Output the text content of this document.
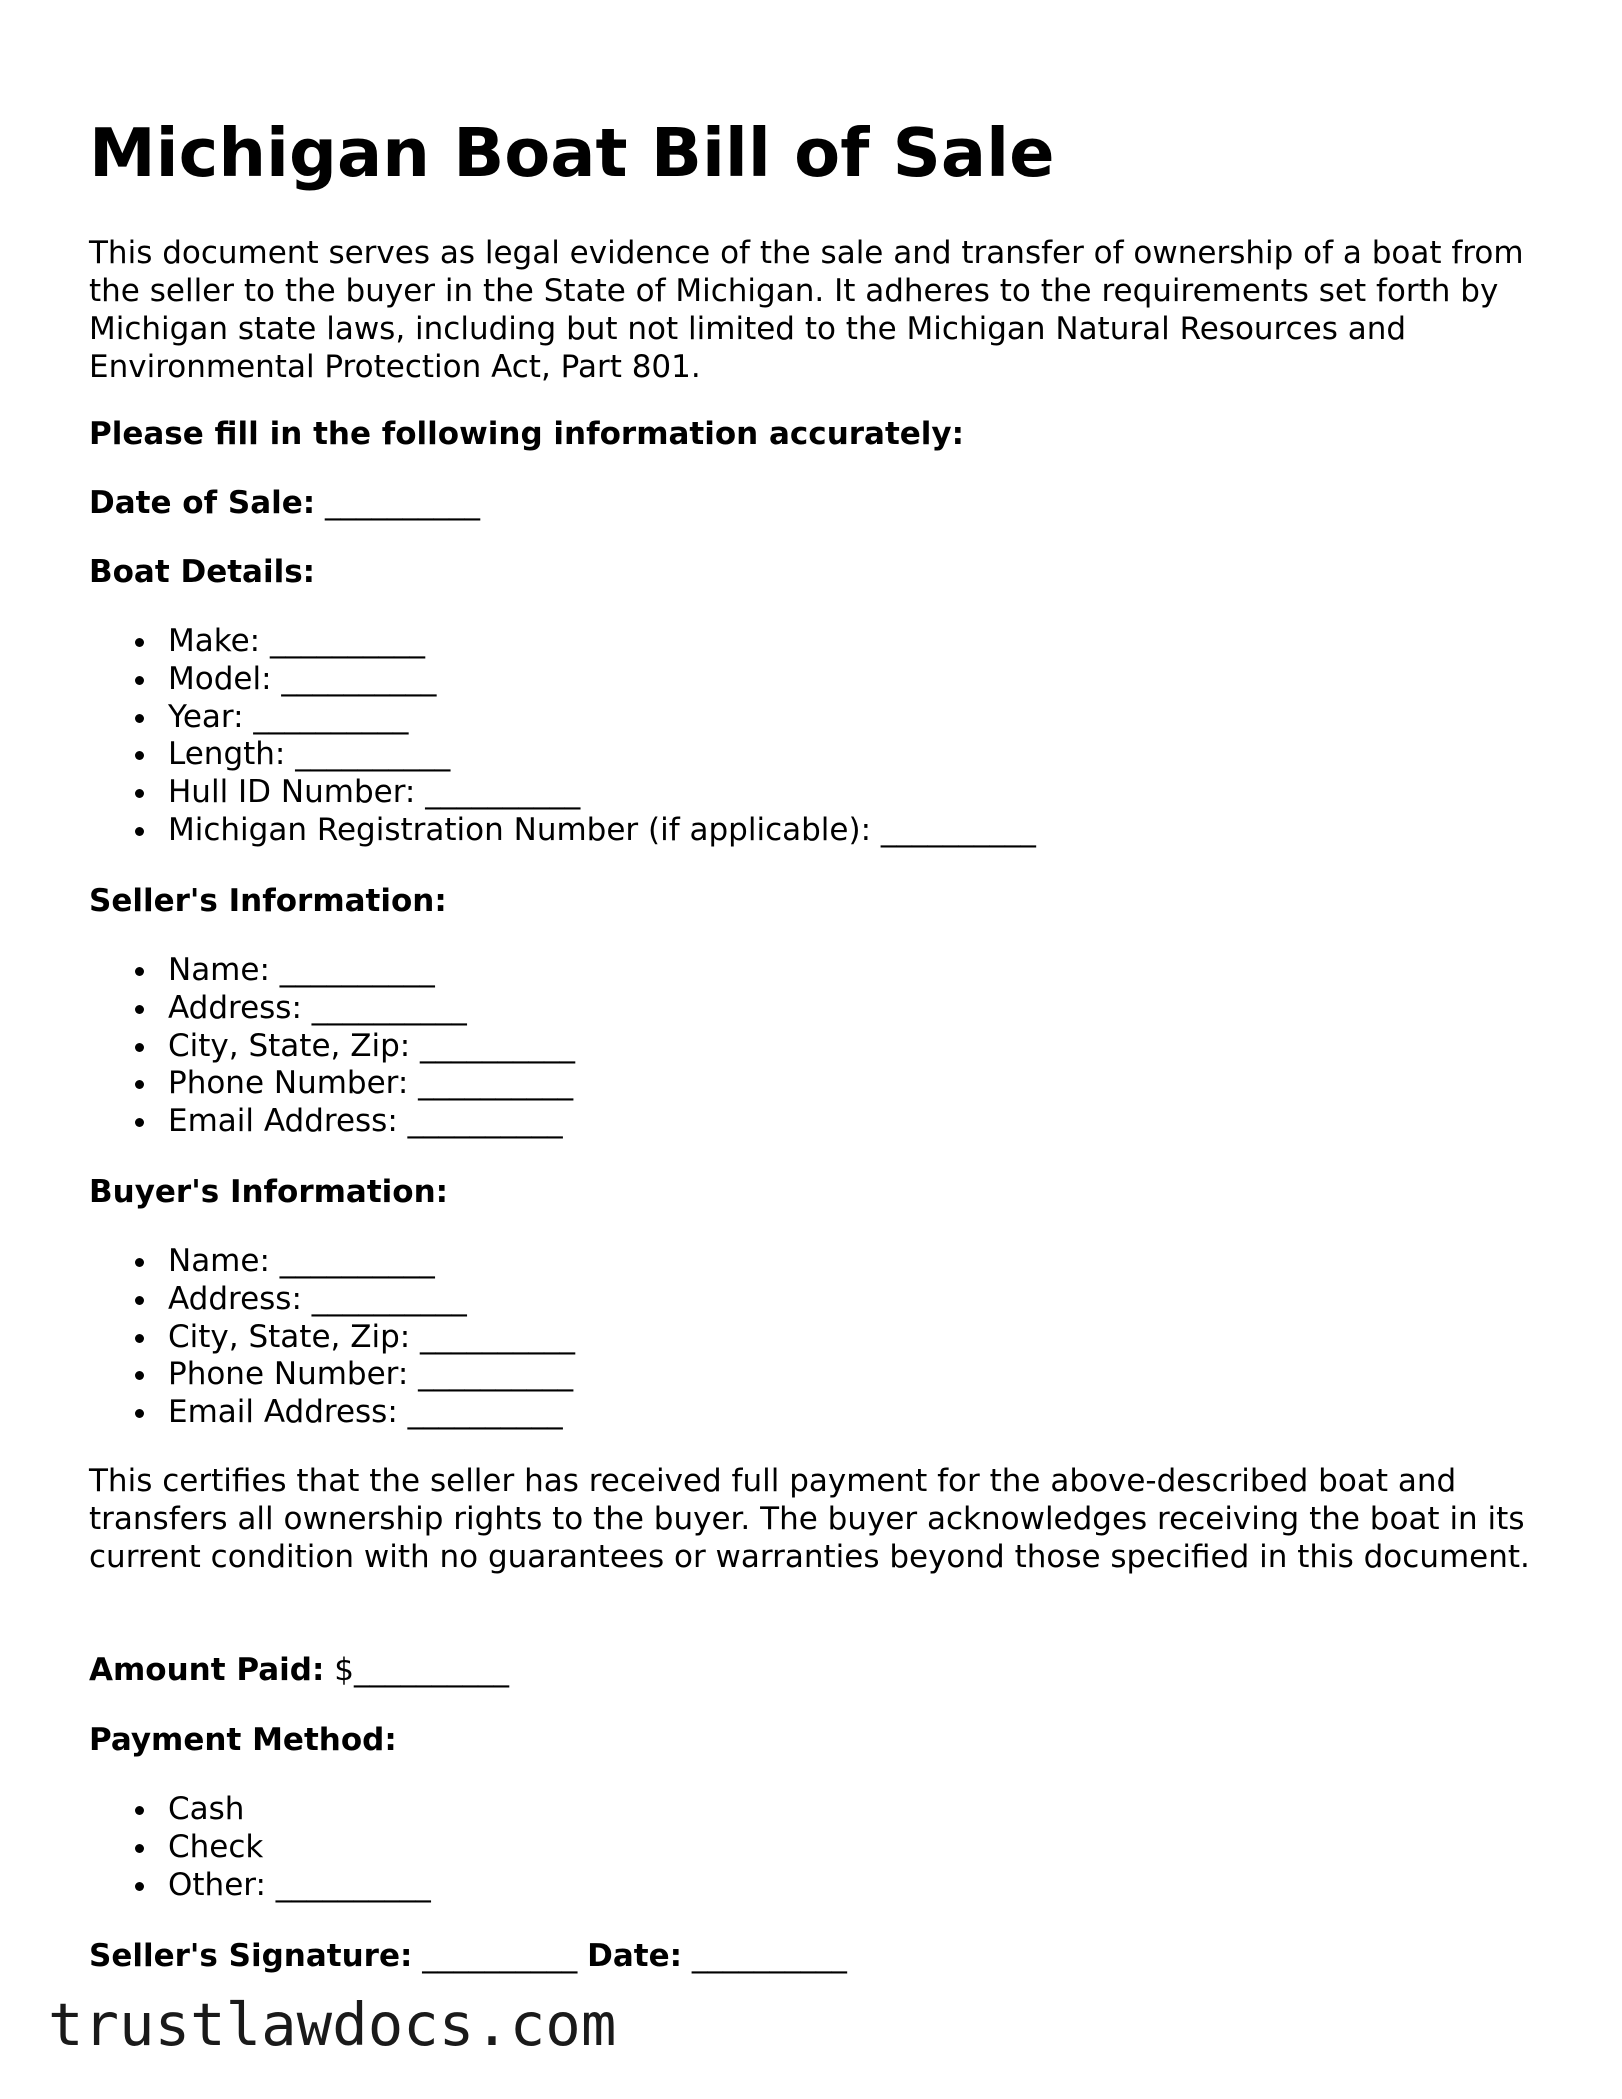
Michigan Boat Bill of Sale

This document serves as legal evidence of the sale and transfer of ownership of a boat from the seller to the buyer in the State of Michigan. It adheres to the requirements set forth by Michigan state laws, including but not limited to the Michigan Natural Resources and Environmental Protection Act, Part 801.

Please fill in the following information accurately:

Date of Sale: __________

Boat Details:

Make: __________
Model: __________
Year: __________
Length: __________
Hull ID Number: __________
Michigan Registration Number (if applicable): __________

Seller's Information:

Name: __________
Address: __________
City, State, Zip: __________
Phone Number: __________
Email Address: __________

Buyer's Information:

Name: __________
Address: __________
City, State, Zip: __________
Phone Number: __________
Email Address: __________

This certifies that the seller has received full payment for the above-described boat and transfers all ownership rights to the buyer. The buyer acknowledges receiving the boat in its current condition with no guarantees or warranties beyond those specified in this document.

Amount Paid: $__________

Payment Method:

Cash
Check
Other: __________

Seller's Signature: __________ Date: __________

trustlawdocs.com
